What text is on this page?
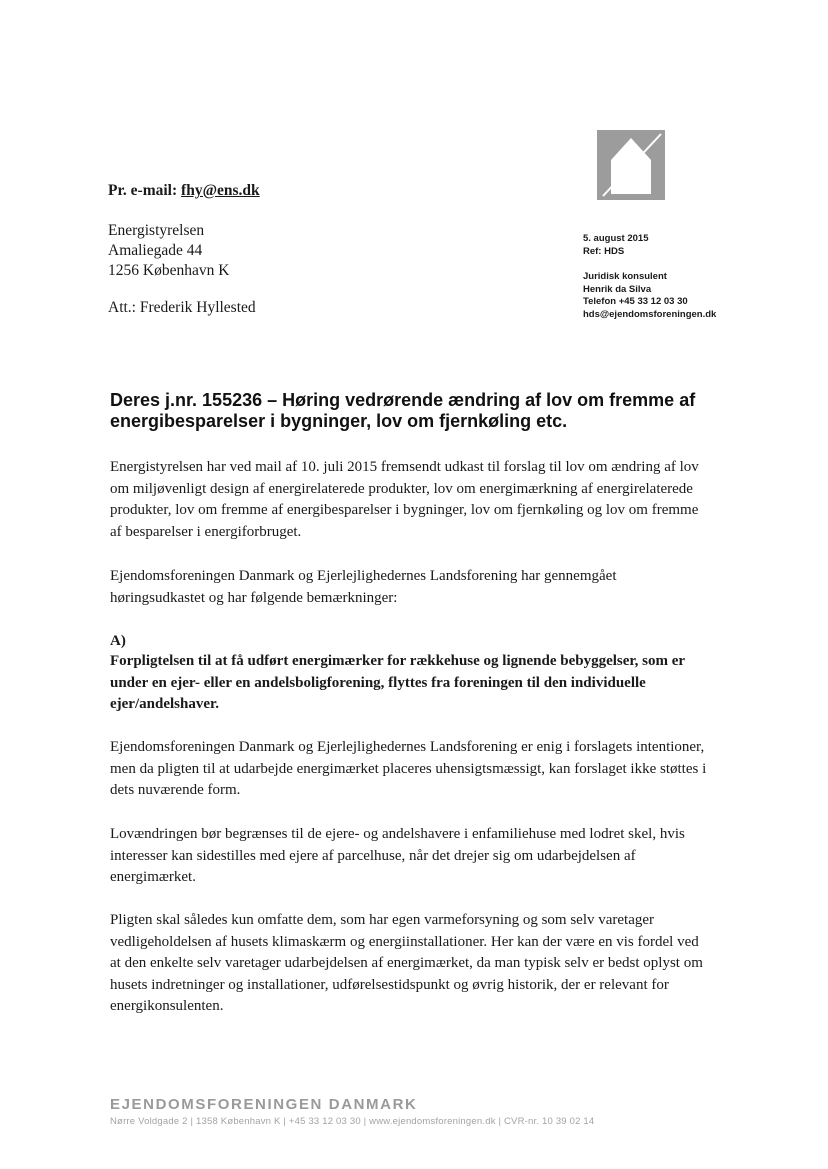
Pr. e-mail: fhy@ens.dk
Energistyrelsen
Amaliegade 44
1256 København K
Att.: Frederik Hyllested
5. august 2015
Ref: HDS
Juridisk konsulent
Henrik da Silva
Telefon +45 33 12 03 30
hds@ejendomsforeningen.dk
Deres j.nr. 155236 – Høring vedrørende ændring af lov om fremme af energibesparelser i bygninger, lov om fjernkøling etc.
Energistyrelsen har ved mail af 10. juli 2015 fremsendt udkast til forslag til lov om ændring af lov om miljøvenligt design af energirelaterede produkter, lov om energimærkning af energirelaterede produkter, lov om fremme af energibesparelser i bygninger, lov om fjernkøling og lov om fremme af besparelser i energiforbruget.
Ejendomsforeningen Danmark og Ejerlejlighedernes Landsforening har gennemgået høringsudkastet og har følgende bemærkninger:
A)
Forpligtelsen til at få udført energimærker for rækkehuse og lignende bebyggelser, som er under en ejer- eller en andelsboligforening, flyttes fra foreningen til den individuelle ejer/andelshaver.
Ejendomsforeningen Danmark og Ejerlejlighedernes Landsforening er enig i forslagets intentioner, men da pligten til at udarbejde energimærket placeres uhensigtsmæssigt, kan forslaget ikke støttes i dets nuværende form.
Lovændringen bør begrænses til de ejere- og andelshavere i enfamiliehuse med lodret skel, hvis interesser kan sidestilles med ejere af parcelhuse, når det drejer sig om udarbejdelsen af energimærket.
Pligten skal således kun omfatte dem, som har egen varmeforsyning og som selv varetager vedligeholdelsen af husets klimaskærm og energiinstallationer. Her kan der være en vis fordel ved at den enkelte selv varetager udarbejdelsen af energimærket, da man typisk selv er bedst oplyst om husets indretninger og installationer, udførelsestidspunkt og øvrig historik, der er relevant for energikonsulenten.
EJENDOMSFORENINGEN DANMARK
Nørre Voldgade 2 | 1358 København K | +45 33 12 03 30 | www.ejendomsforeningen.dk | CVR-nr. 10 39 02 14
